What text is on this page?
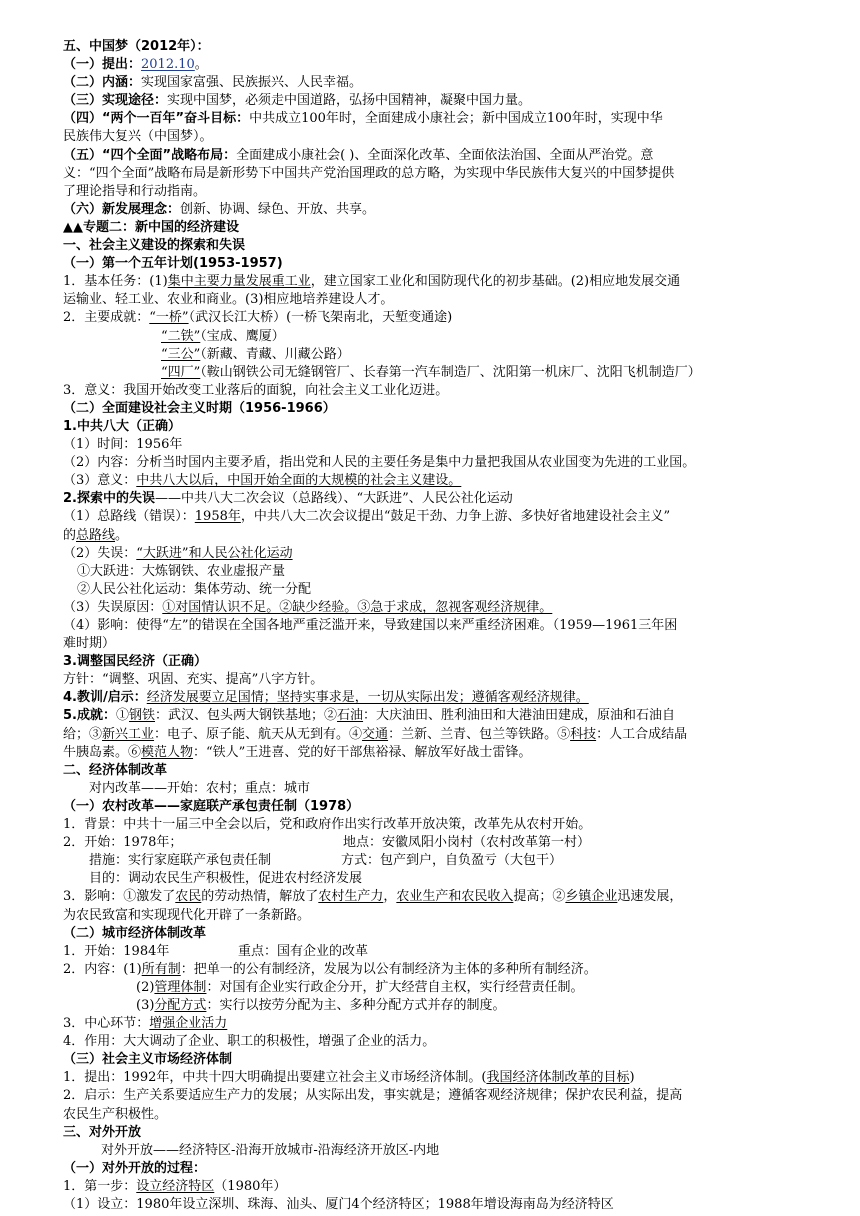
五、中国梦（2012年）：
（一）提出：2012.10。
（二）内涵：实现国家富强、民族振兴、人民幸福。
（三）实现途径：实现中国梦，必须走中国道路，弘扬中国精神，凝聚中国力量。
（四）“两个一百年”奋斗目标：中共成立100年时，全面建成小康社会；新中国成立100年时，实现中华
民族伟大复兴（中国梦）。
（五）“四个全面”战略布局：全面建成小康社会( )、全面深化改革、全面依法治国、全面从严治党。意
义：“四个全面”战略布局是新形势下中国共产党治国理政的总方略，为实现中华民族伟大复兴的中国梦提供
了理论指导和行动指南。
（六）新发展理念：创新、协调、绿色、开放、共享。
▲▲专题二：新中国的经济建设
一、社会主义建设的探索和失误
（一）第一个五年计划(1953-1957)
1．基本任务：(1)集中主要力量发展重工业，建立国家工业化和国防现代化的初步基础。(2)相应地发展交通
运输业、轻工业、农业和商业。(3)相应地培养建设人才。
2．主要成就：“一桥”（武汉长江大桥）(一桥飞架南北，天堑变通途)
“二铁”（宝成、鹰厦）
“三公”（新藏、青藏、川藏公路）
“四厂”（鞍山钢铁公司无缝钢管厂、长春第一汽车制造厂、沈阳第一机床厂、沈阳飞机制造厂）
3．意义：我国开始改变工业落后的面貌，向社会主义工业化迈进。
（二）全面建设社会主义时期（1956-1966）
1.中共八大（正确）
（1）时间：1956年
（2）内容：分析当时国内主要矛盾，指出党和人民的主要任务是集中力量把我国从农业国变为先进的工业国。
（3）意义：中共八大以后，中国开始全面的大规模的社会主义建设。
2.探索中的失误——中共八大二次会议（总路线）、“大跃进”、人民公社化运动
（1）总路线（错误）：1958年，中共八大二次会议提出“鼓足干劲、力争上游、多快好省地建设社会主义”
的总路线。
（2）失误：“大跃进”和人民公社化运动
①大跃进：大炼钢铁、农业虚报产量
②人民公社化运动：集体劳动、统一分配
（3）失误原因：①对国情认识不足。②缺少经验。③急于求成，忽视客观经济规律。
（4）影响：使得“左”的错误在全国各地严重泛滥开来，导致建国以来严重经济困难。（1959—1961三年困
难时期）
3.调整国民经济（正确）
方针：“调整、巩固、充实、提高”八字方针。
4.教训/启示：经济发展要立足国情；坚持实事求是，一切从实际出发；遵循客观经济规律。
5.成就：①钢铁：武汉、包头两大钢铁基地；②石油：大庆油田、胜利油田和大港油田建成，原油和石油自
给；③新兴工业：电子、原子能、航天从无到有。④交通：兰新、兰青、包兰等铁路。⑤科技：人工合成结晶
牛胰岛素。⑥模范人物：“铁人”王进喜、党的好干部焦裕禄、解放军好战士雷锋。
二、经济体制改革
对内改革——开始：农村；重点：城市
（一）农村改革——家庭联产承包责任制（1978）
1．背景：中共十一届三中全会以后，党和政府作出实行改革开放决策，改革先从农村开始。
2．开始：1978年；	地点：安徽凤阳小岗村（农村改革第一村）
措施：实行家庭联产承包责任制	方式：包产到户，自负盈亏（大包干）
目的：调动农民生产积极性，促进农村经济发展
3．影响：①激发了农民的劳动热情，解放了农村生产力，农业生产和农民收入提高；②乡镇企业迅速发展，
为农民致富和实现现代化开辟了一条新路。
（二）城市经济体制改革
1．开始：1984年	重点：国有企业的改革
2．内容：(1)所有制：把单一的公有制经济，发展为以公有制经济为主体的多种所有制经济。
(2)管理体制：对国有企业实行政企分开，扩大经营自主权，实行经营责任制。
(3)分配方式：实行以按劳分配为主、多种分配方式并存的制度。
3．中心环节：增强企业活力
4．作用：大大调动了企业、职工的积极性，增强了企业的活力。
（三）社会主义市场经济体制
1．提出：1992年，中共十四大明确提出要建立社会主义市场经济体制。(我国经济体制改革的目标)
2．启示：生产关系要适应生产力的发展；从实际出发，事实就是；遵循客观经济规律；保护农民利益，提高
农民生产积极性。
三、对外开放
对外开放——经济特区-沿海开放城市-沿海经济开放区-内地
（一）对外开放的过程：
1．第一步：设立经济特区（1980年）
（1）设立：1980年设立深圳、珠海、汕头、厦门4个经济特区；1988年增设海南岛为经济特区
